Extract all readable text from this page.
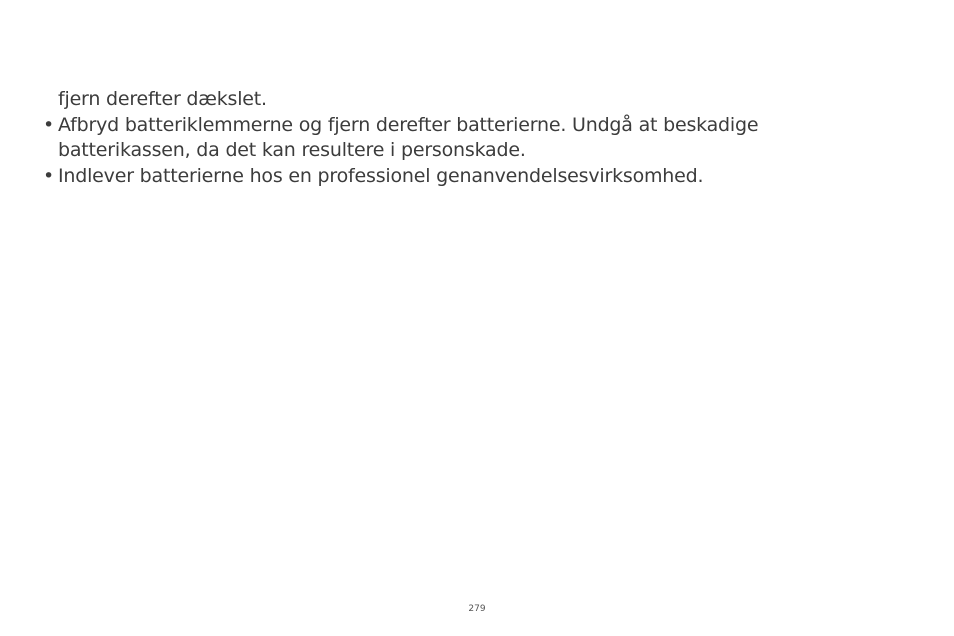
fjern derefter dækslet.
• Afbryd batteriklemmerne og fjern derefter batterierne. Undgå at beskadige
batterikassen, da det kan resultere i personskade.
• Indlever batterierne hos en professionel genanvendelsesvirksomhed.
279
